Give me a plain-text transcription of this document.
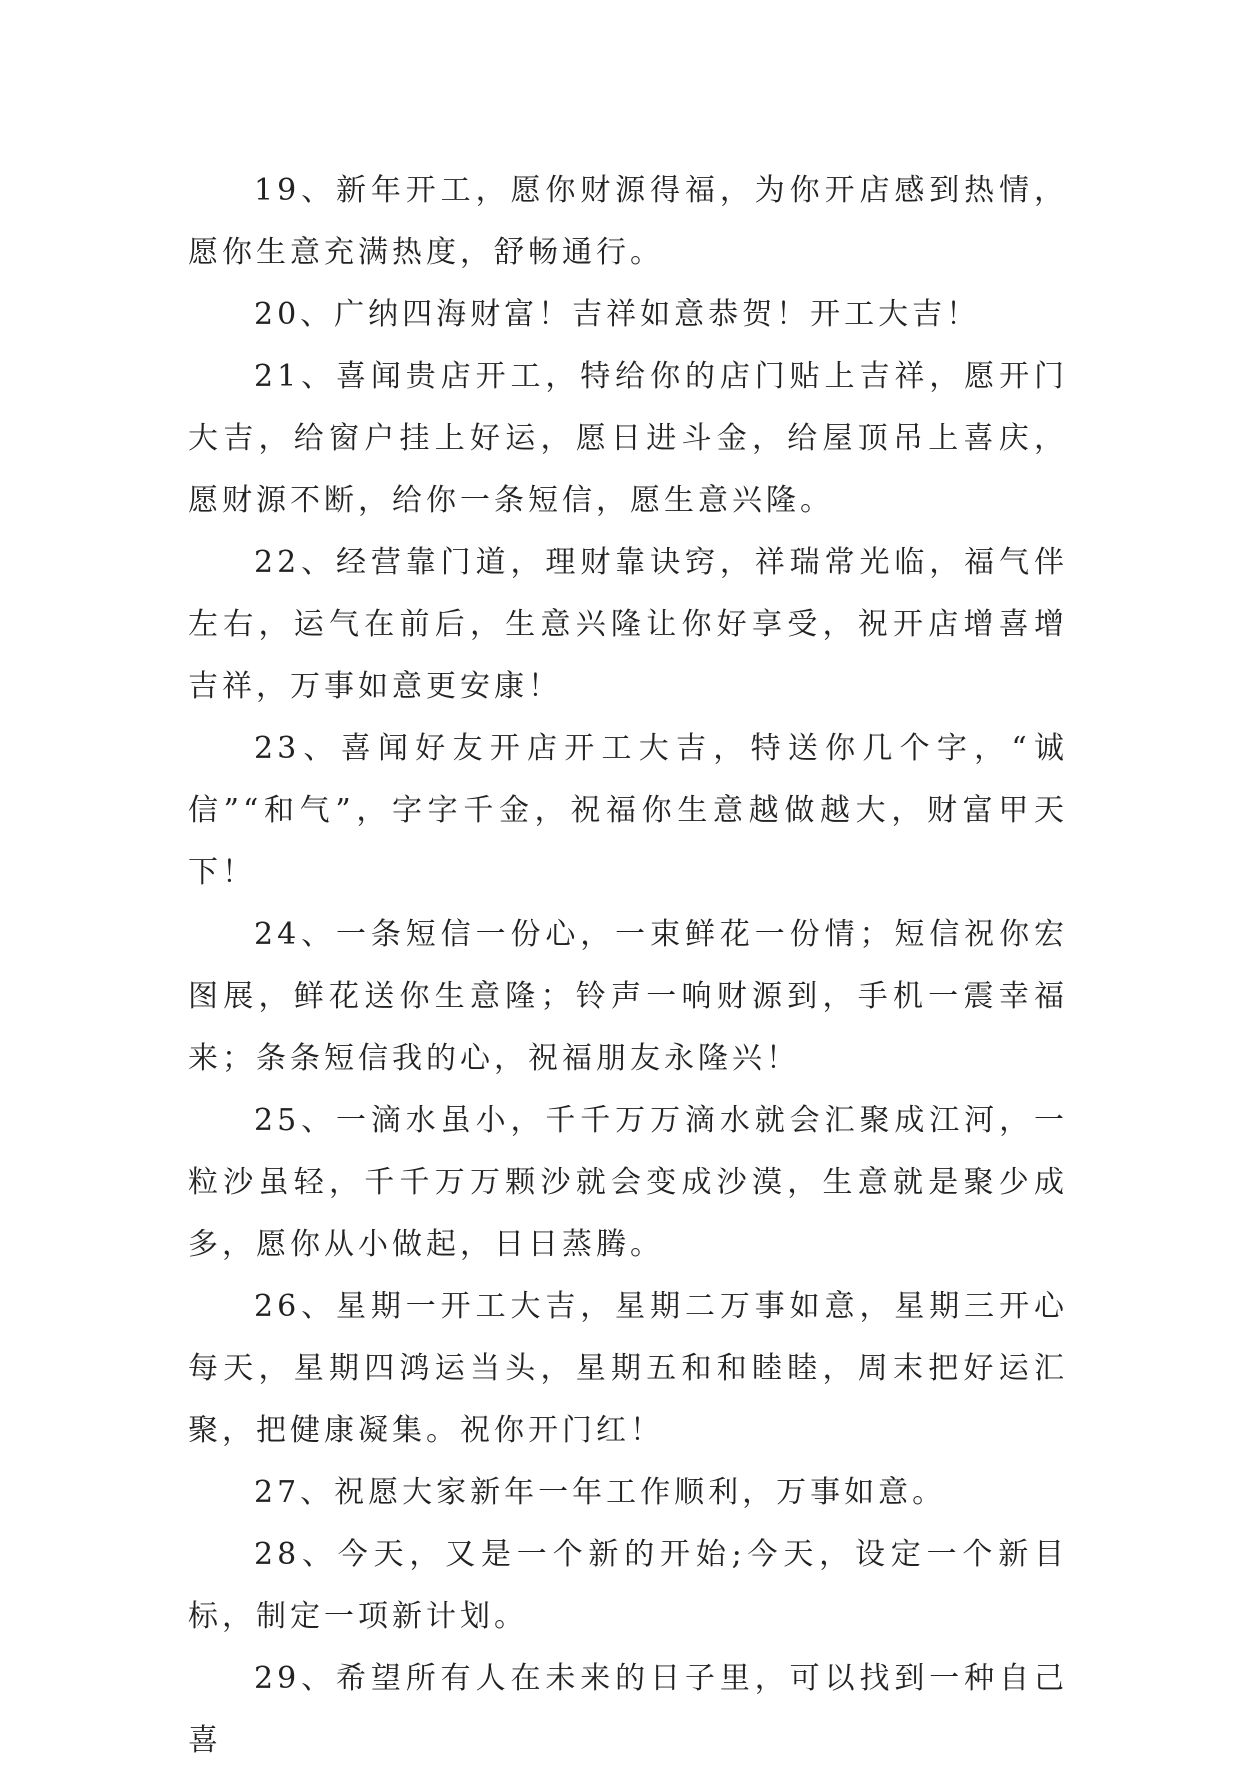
19、新年开工，愿你财源得福，为你开店感到热情，愿你生意充满热度，舒畅通行。

20、广纳四海财富！吉祥如意恭贺！开工大吉！

21、喜闻贵店开工，特给你的店门贴上吉祥，愿开门大吉，给窗户挂上好运，愿日进斗金，给屋顶吊上喜庆，愿财源不断，给你一条短信，愿生意兴隆。

22、经营靠门道，理财靠诀窍，祥瑞常光临，福气伴左右，运气在前后，生意兴隆让你好享受，祝开店增喜增吉祥，万事如意更安康！

23、喜闻好友开店开工大吉，特送你几个字，“诚信”“和气”，字字千金，祝福你生意越做越大，财富甲天下！

24、一条短信一份心，一束鲜花一份情；短信祝你宏图展，鲜花送你生意隆；铃声一响财源到，手机一震幸福来；条条短信我的心，祝福朋友永隆兴！

25、一滴水虽小，千千万万滴水就会汇聚成江河，一粒沙虽轻，千千万万颗沙就会变成沙漠，生意就是聚少成多，愿你从小做起，日日蒸腾。

26、星期一开工大吉，星期二万事如意，星期三开心每天，星期四鸿运当头，星期五和和睦睦，周末把好运汇聚，把健康凝集。祝你开门红！

27、祝愿大家新年一年工作顺利，万事如意。

28、今天，又是一个新的开始;今天，设定一个新目标，制定一项新计划。

29、希望所有人在未来的日子里，可以找到一种自己喜
